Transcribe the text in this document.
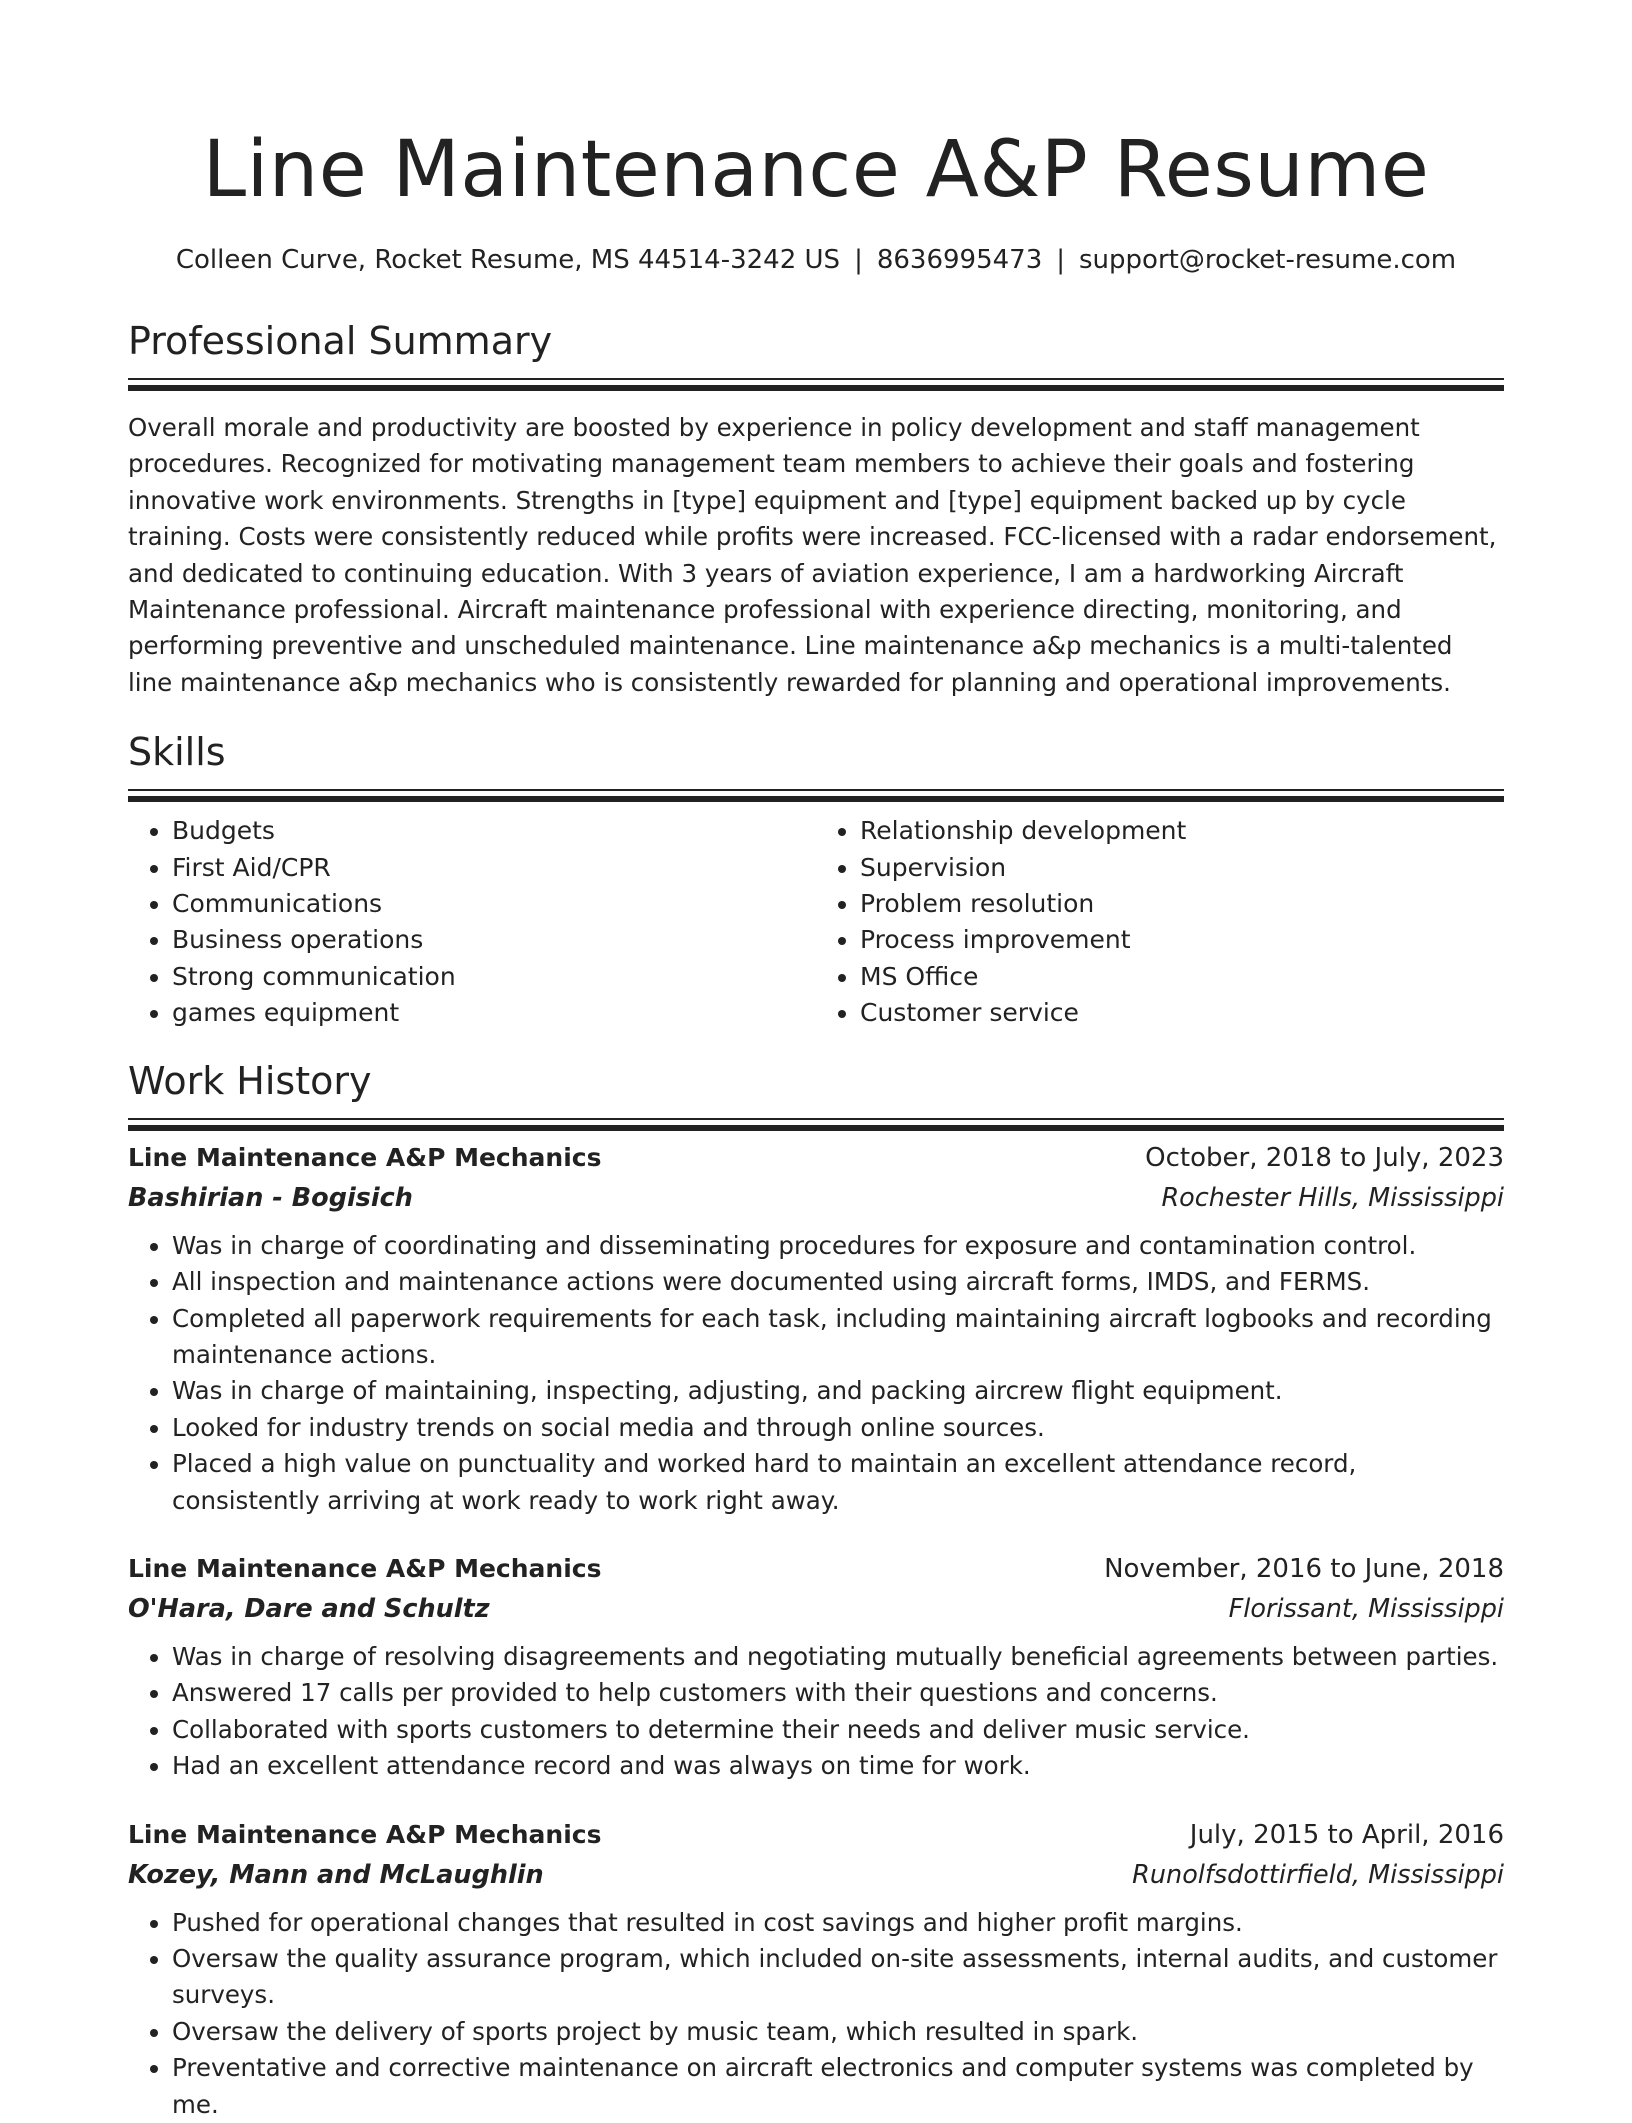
Line Maintenance A&P Resume
Colleen Curve, Rocket Resume, MS 44514-3242 US | 8636995473 | support@rocket-resume.com
Professional Summary

Overall morale and productivity are boosted by experience in policy development and staff management procedures. Recognized for motivating management team members to achieve their goals and fostering innovative work environments. Strengths in [type] equipment and [type] equipment backed up by cycle training. Costs were consistently reduced while profits were increased. FCC-licensed with a radar endorsement, and dedicated to continuing education. With 3 years of aviation experience, I am a hardworking Aircraft Maintenance professional. Aircraft maintenance professional with experience directing, monitoring, and performing preventive and unscheduled maintenance. Line maintenance a&p mechanics is a multi-talented line maintenance a&p mechanics who is consistently rewarded for planning and operational improvements.

Skills
• Budgets
• First Aid/CPR
• Communications
• Business operations
• Strong communication
• games equipment
• Relationship development
• Supervision
• Problem resolution
• Process improvement
• MS Office
• Customer service
Work History
Line Maintenance A&P Mechanics	October, 2018 to July, 2023
Bashirian - Bogisich	Rochester Hills, Mississippi
• Was in charge of coordinating and disseminating procedures for exposure and contamination control.
• All inspection and maintenance actions were documented using aircraft forms, IMDS, and FERMS.
• Completed all paperwork requirements for each task, including maintaining aircraft logbooks and recording maintenance actions.
• Was in charge of maintaining, inspecting, adjusting, and packing aircrew flight equipment.
• Looked for industry trends on social media and through online sources.
• Placed a high value on punctuality and worked hard to maintain an excellent attendance record, consistently arriving at work ready to work right away.
Line Maintenance A&P Mechanics	November, 2016 to June, 2018
O'Hara, Dare and Schultz	Florissant, Mississippi
• Was in charge of resolving disagreements and negotiating mutually beneficial agreements between parties.
• Answered 17 calls per provided to help customers with their questions and concerns.
• Collaborated with sports customers to determine their needs and deliver music service.
• Had an excellent attendance record and was always on time for work.
Line Maintenance A&P Mechanics	July, 2015 to April, 2016
Kozey, Mann and McLaughlin	Runolfsdottirfield, Mississippi
• Pushed for operational changes that resulted in cost savings and higher profit margins.
• Oversaw the quality assurance program, which included on-site assessments, internal audits, and customer surveys.
• Oversaw the delivery of sports project by music team, which resulted in spark.
• Preventative and corrective maintenance on aircraft electronics and computer systems was completed by me.
